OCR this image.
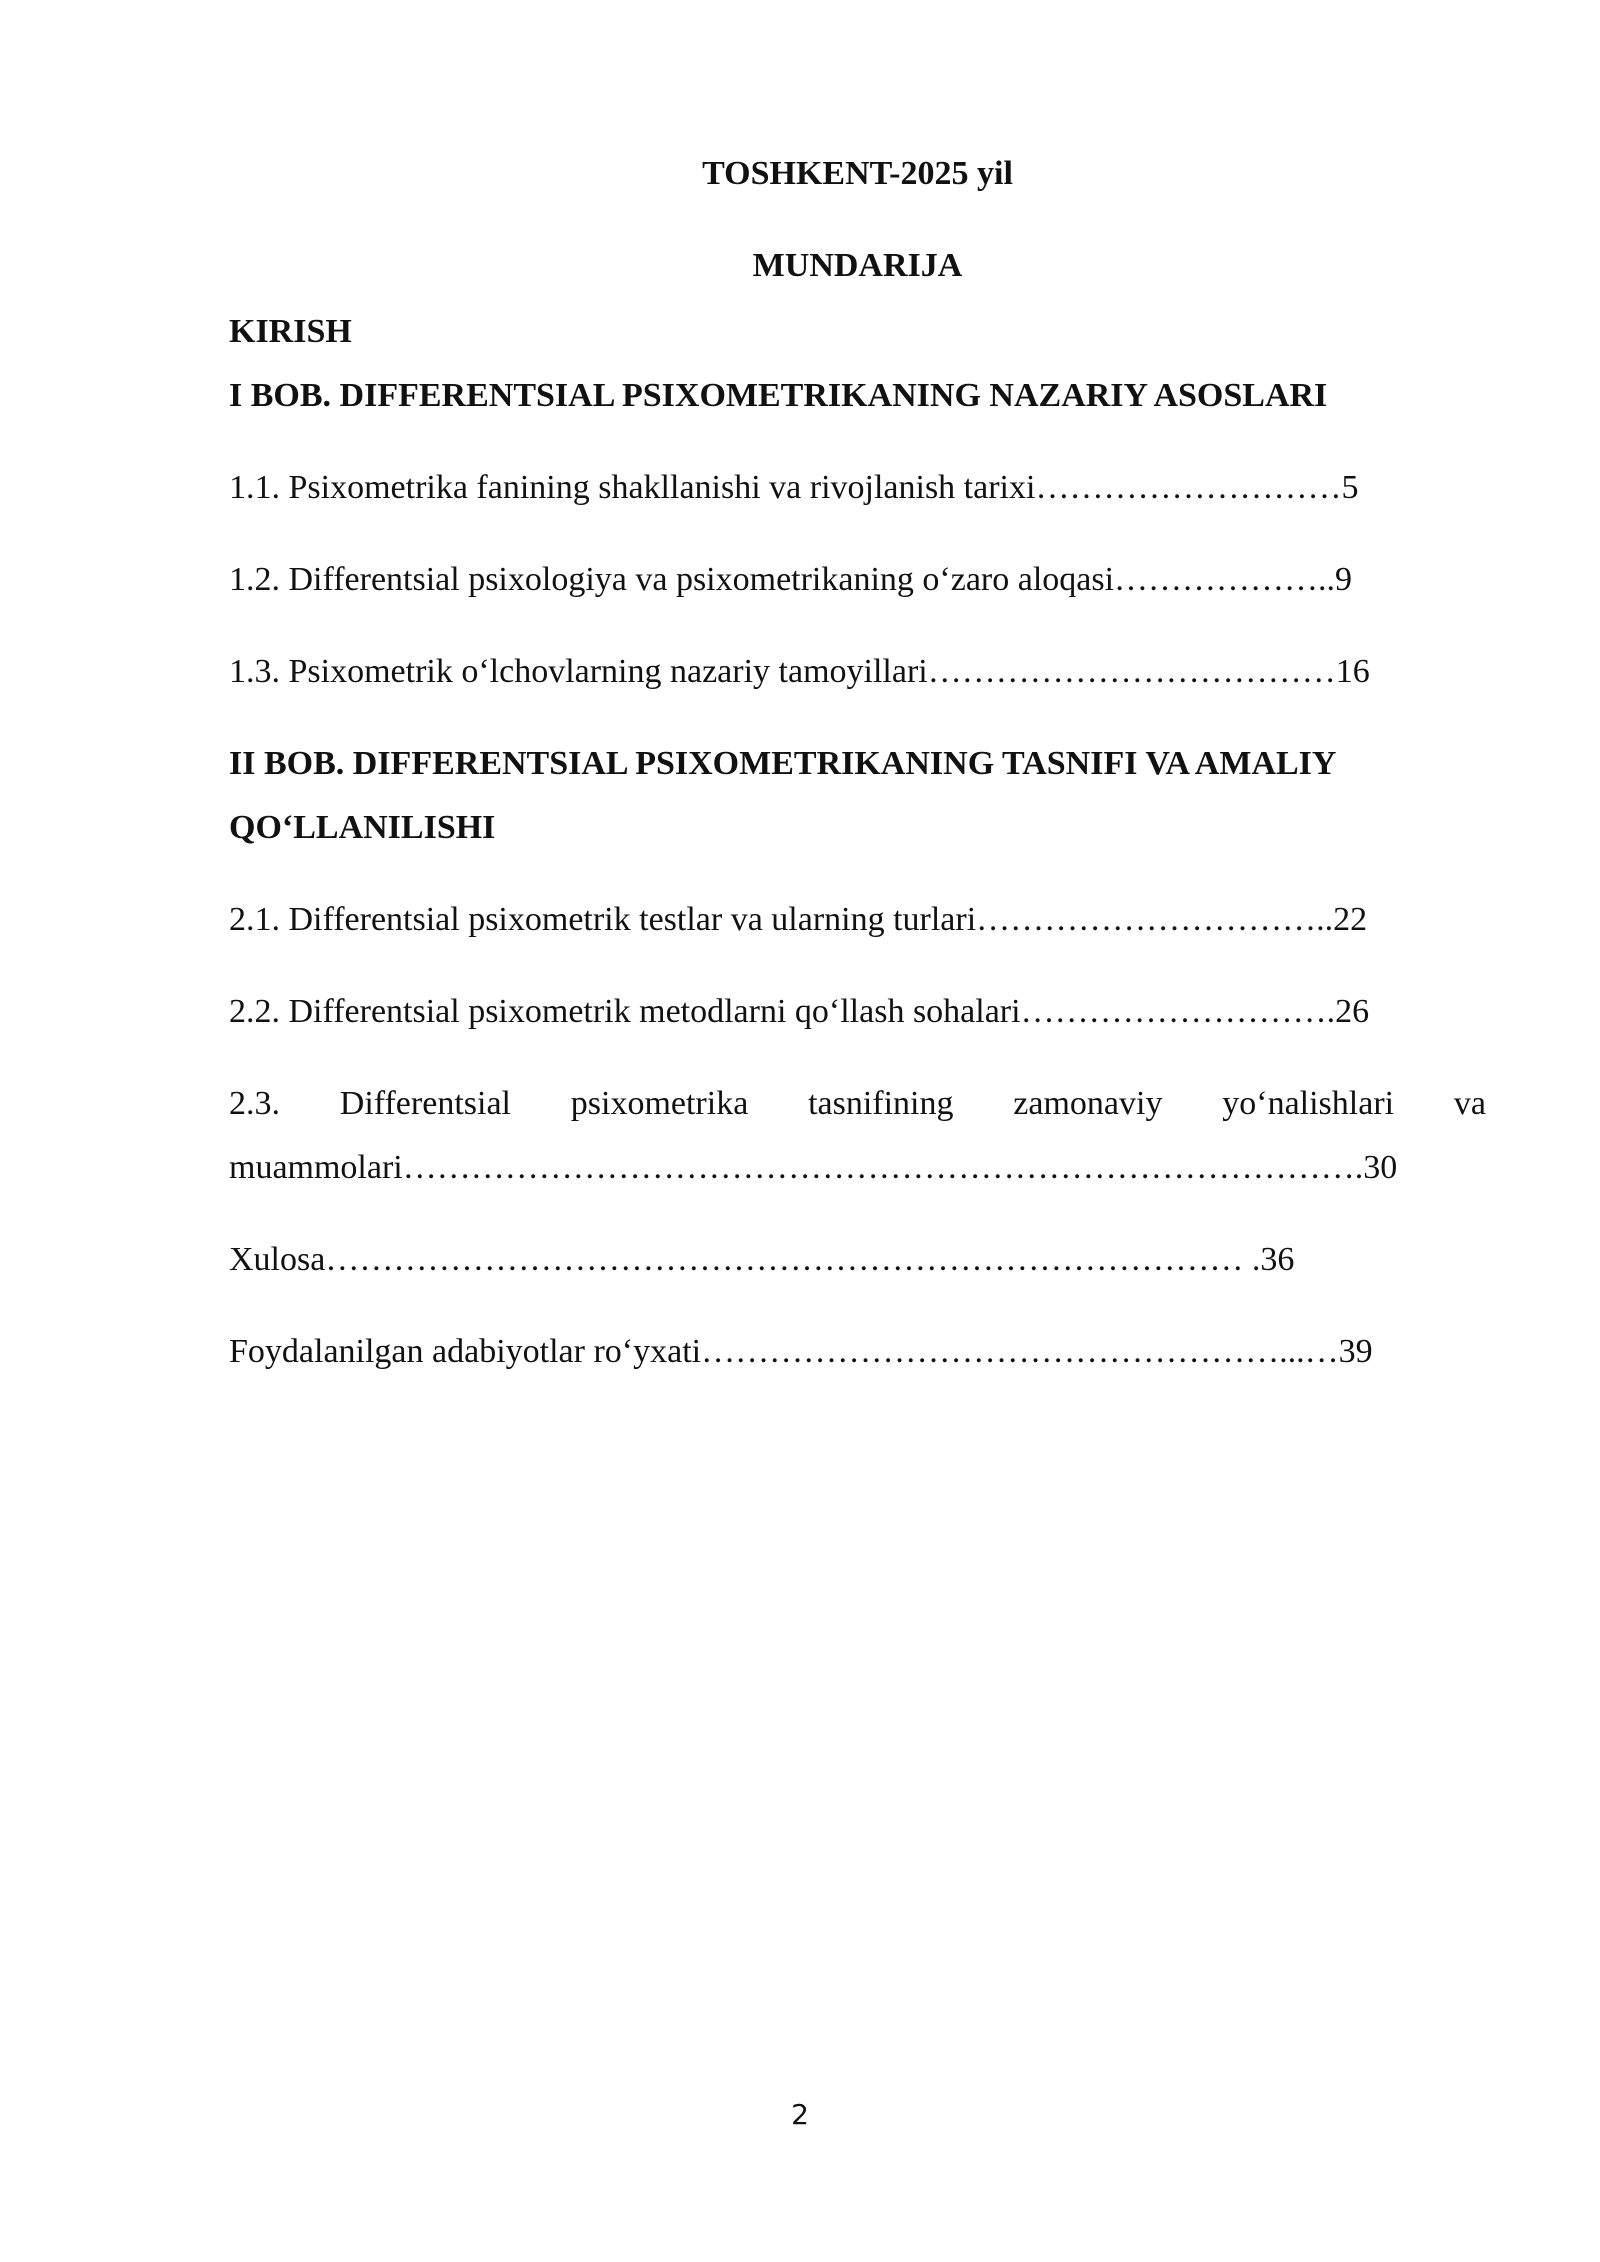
TOSHKENT-2025 yil
MUNDARIJA
KIRISH
I BOB. DIFFERENTSIAL PSIXOMETRIKANING NAZARIY ASOSLARI
1.1. Psixometrika fanining shakllanishi va rivojlanish tarixi………………………5
1.2. Differentsial psixologiya va psixometrikaning o‘zaro aloqasi………………..9
1.3. Psixometrik o‘lchovlarning nazariy tamoyillari………………………………16
II BOB. DIFFERENTSIAL PSIXOMETRIKANING TASNIFI VA AMALIY
QO‘LLANILISHI
2.1. Differentsial psixometrik testlar va ularning turlari…………………………..22
2.2. Differentsial psixometrik metodlarni qo‘llash sohalari……………………….26
2.3. Differentsial psixometrika tasnifining zamonaviy yo‘nalishlari va
muammolari………………………………………………………………………….30
Xulosa……………………………………………………………………… .36
Foydalanilgan adabiyotlar ro‘yxati……………………………………………...…39
2
